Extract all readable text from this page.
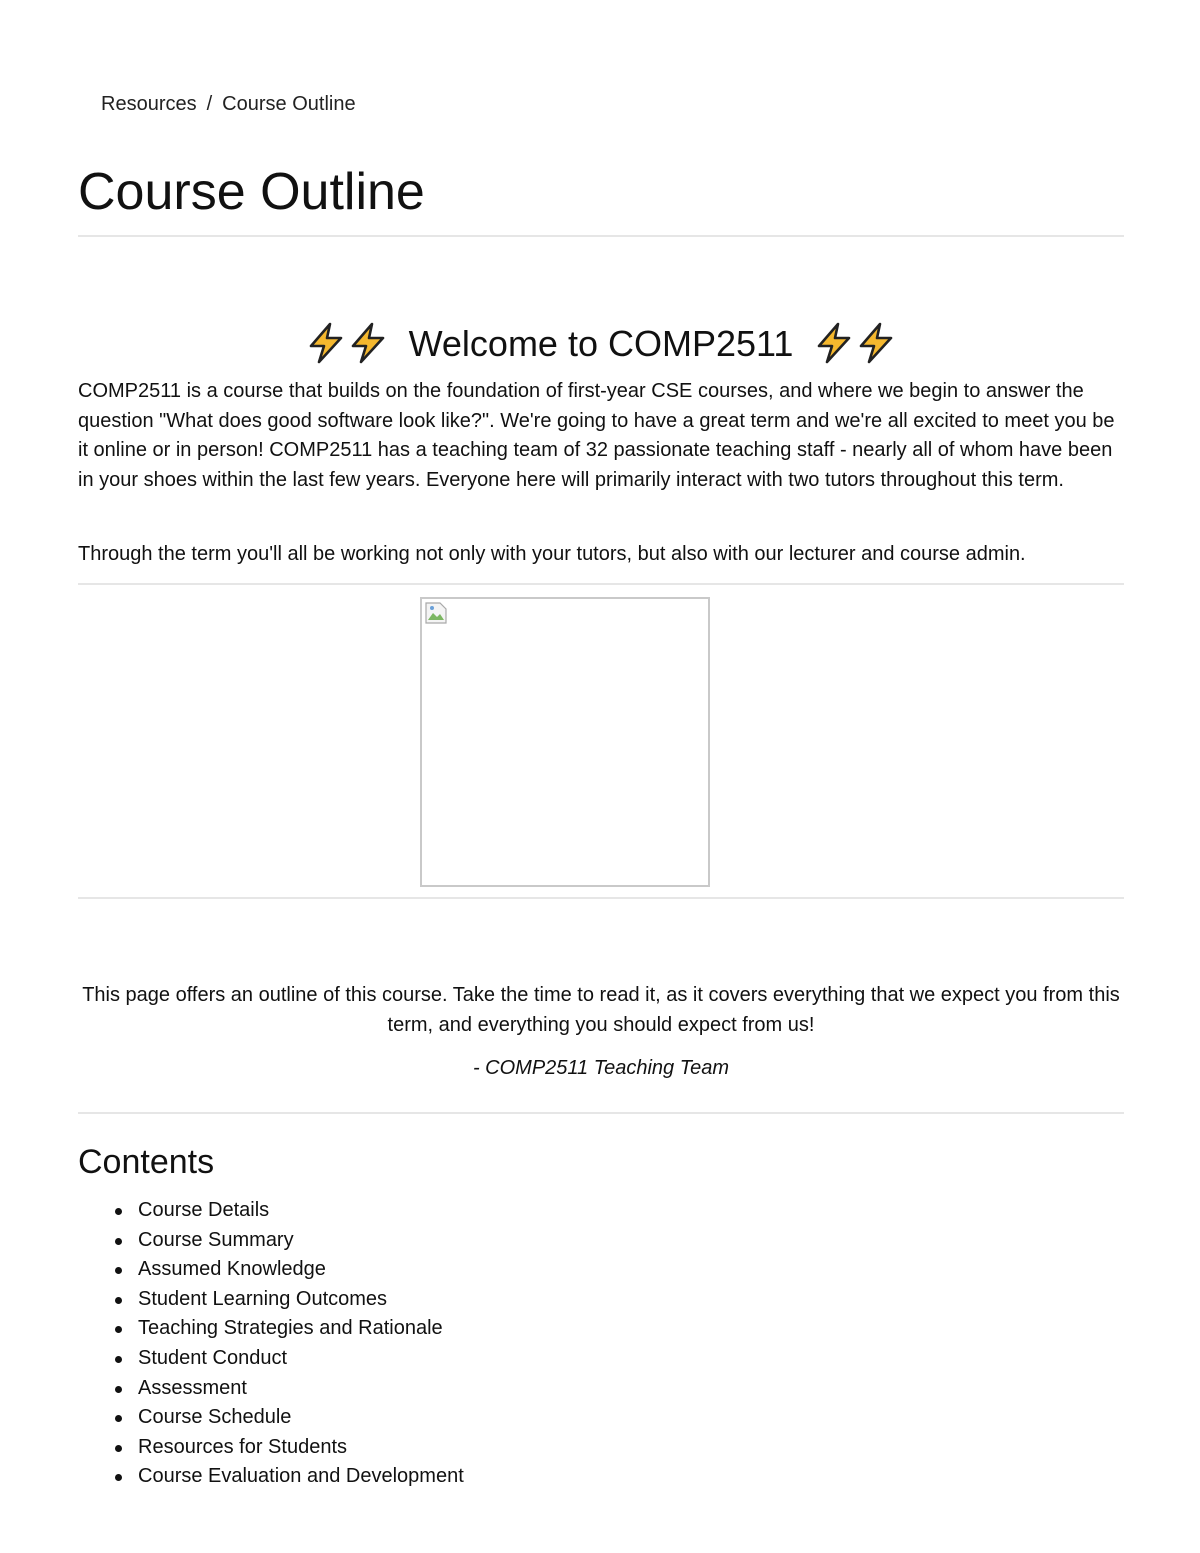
Resources / Course Outline
Course Outline
Welcome to COMP2511

COMP2511 is a course that builds on the foundation of first-year CSE courses, and where we begin to answer the question "What does good software look like?". We're going to have a great term and we're all excited to meet you be it online or in person! COMP2511 has a teaching team of 32 passionate teaching staff - nearly all of whom have been in your shoes within the last few years. Everyone here will primarily interact with two tutors throughout this term.

Through the term you'll all be working not only with your tutors, but also with our lecturer and course admin.

This page offers an outline of this course. Take the time to read it, as it covers everything that we expect you from this term, and everything you should expect from us!

- COMP2511 Teaching Team

Contents
Course Details
Course Summary
Assumed Knowledge
Student Learning Outcomes
Teaching Strategies and Rationale
Student Conduct
Assessment
Course Schedule
Resources for Students
Course Evaluation and Development
